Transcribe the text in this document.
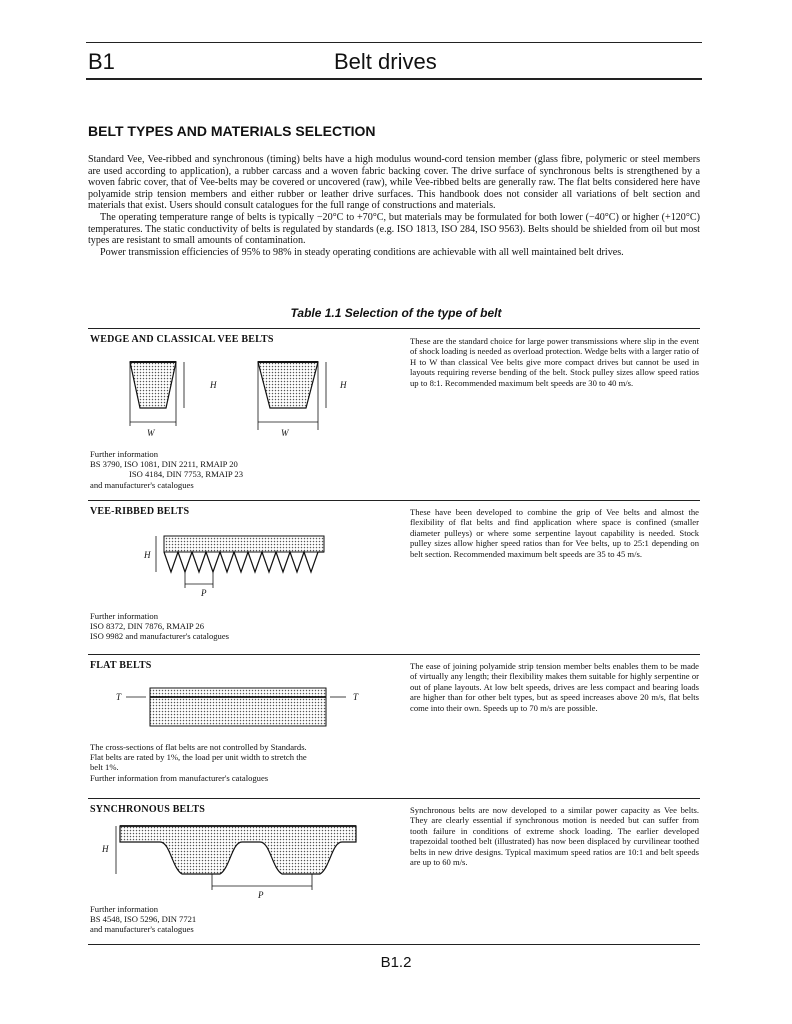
B1	Belt drives
BELT TYPES AND MATERIALS SELECTION

Standard Vee, Vee-ribbed and synchronous (timing) belts have a high modulus wound-cord tension member (glass fibre, polymeric or steel members are used according to application), a rubber carcass and a woven fabric backing cover. The drive surface of synchronous belts is strengthened by a woven fabric cover, that of Vee-belts may be covered or uncovered (raw), while Vee-ribbed belts are generally raw. The flat belts considered here have polyamide strip tension members and either rubber or leather drive surfaces. This handbook does not consider all variations of belt section and materials that exist. Users should consult catalogues for the full range of constructions and materials.

The operating temperature range of belts is typically −20°C to +70°C, but materials may be formulated for both lower (−40°C) or higher (+120°C) temperatures. The static conductivity of belts is regulated by standards (e.g. ISO 1813, ISO 284, ISO 9563). Belts should be shielded from oil but most types are resistant to small amounts of contamination.

Power transmission efficiencies of 95% to 98% in steady operating conditions are achievable with all well maintained belt drives.

Table 1.1 Selection of the type of belt
WEDGE AND CLASSICAL VEE BELTS
W
H
W
H
Further information
BS 3790, ISO 1081, DIN 2211, RMAIP 20
ISO 4184, DIN 7753, RMAIP 23
and manufacturer's catalogues
These are the standard choice for large power transmissions where slip in the event of shock loading is needed as overload protection. Wedge belts with a larger ratio of H to W than classical Vee belts give more compact drives but cannot be used in layouts requiring reverse bending of the belt. Stock pulley sizes allow speed ratios up to 8:1. Recommended maximum belt speeds are 30 to 40 m/s.
VEE-RIBBED BELTS
H
P
Further information
ISO 8372, DIN 7876, RMAIP 26
ISO 9982 and manufacturer's catalogues
These have been developed to combine the grip of Vee belts and almost the flexibility of flat belts and find application where space is confined (smaller diameter pulleys) or where some serpentine layout capability is needed. Stock pulley sizes allow higher speed ratios than for Vee belts, up to 25:1 depending on belt section. Recommended maximum belt speeds are 35 to 45 m/s.
FLAT BELTS
T	T
The cross-sections of flat belts are not controlled by Standards.
Flat belts are rated by 1%, the load per unit width to stretch the
belt 1%.
Further information from manufacturer's catalogues
The ease of joining polyamide strip tension member belts enables them to be made of virtually any length; their flexibility makes them suitable for highly serpentine or out of plane layouts. At low belt speeds, drives are less compact and bearing loads are higher than for other belt types, but as speed increases above 20 m/s, flat belts come into their own. Speeds up to 70 m/s are possible.
SYNCHRONOUS BELTS
H
P
Further information
BS 4548, ISO 5296, DIN 7721
and manufacturer's catalogues
Synchronous belts are now developed to a similar power capacity as Vee belts. They are clearly essential if synchronous motion is needed but can suffer from tooth failure in conditions of extreme shock loading. The earlier developed trapezoidal toothed belt (illustrated) has now been displaced by curvilinear toothed belts in new drive designs. Typical maximum speed ratios are 10:1 and belt speeds are up to 60 m/s.
B1.2
